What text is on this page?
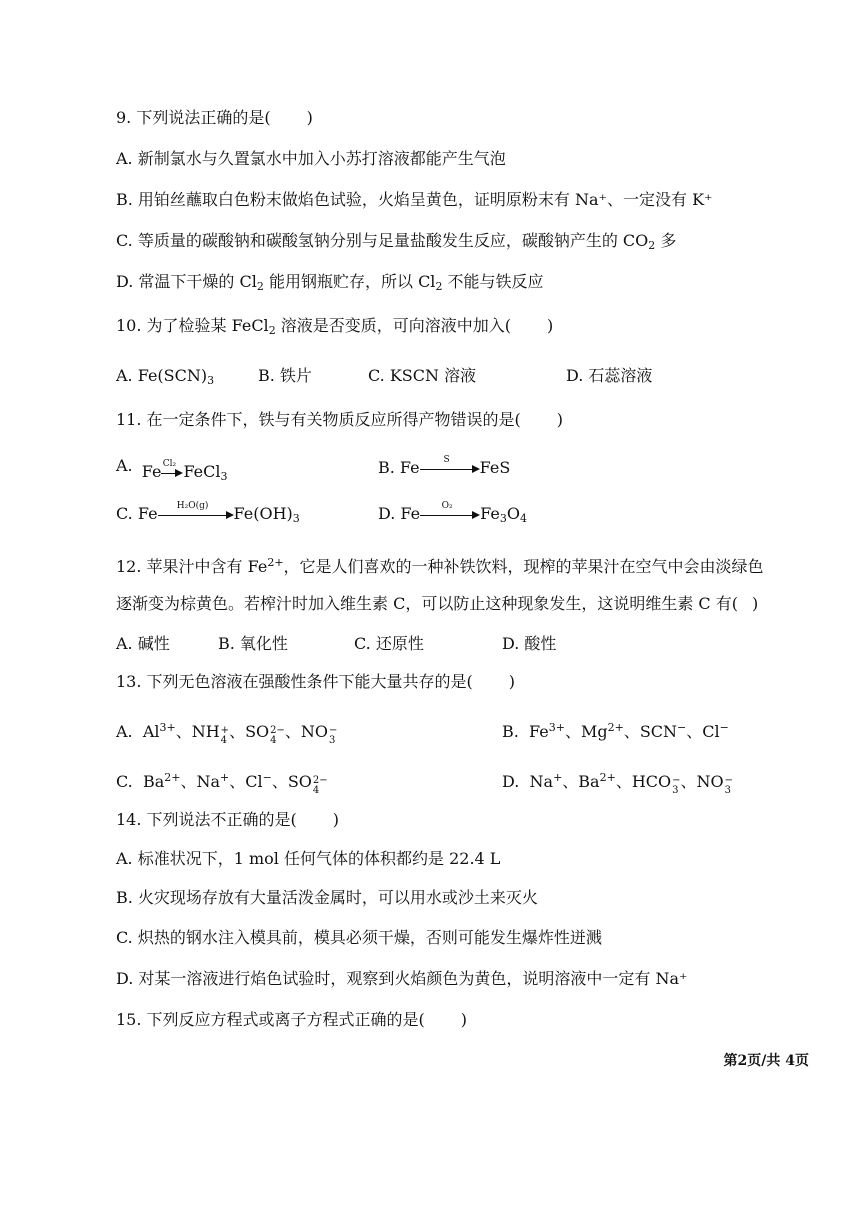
9. 下列说法正确的是( )
A. 新制氯水与久置氯水中加入小苏打溶液都能产生气泡
B. 用铂丝蘸取白色粉末做焰色试验，火焰呈黄色，证明原粉末有 Na⁺、一定没有 K⁺
C. 等质量的碳酸钠和碳酸氢钠分别与足量盐酸发生反应，碳酸钠产生的 $CO_2$ 多
D. 常温下干燥的 $Cl_2$ 能用钢瓶贮存，所以 $Cl_2$ 不能与铁反应
10. 为了检验某 FeCl$_2$ 溶液是否变质，可向溶液中加入( )
A. $Fe(SCN)_3$	B. 铁片	C. KSCN 溶液	D. 石蕊溶液
11. 在一定条件下，铁与有关物质反应所得产物错误的是( )
A. Fe Cl₂ FeCl$_3$	B. Fe	S	FeS
C. Fe	H₂O(g)	$Fe(OH)_3$	D. Fe	O₂	$Fe_3O_4$
12. 苹果汁中含有 $Fe^{2+}$，它是人们喜欢的一种补铁饮料，现榨的苹果汁在空气中会由淡绿色
逐渐变为棕黄色。若榨汁时加入维生素 C，可以防止这种现象发生，这说明维生素 C 有( )
A. 碱性	B. 氧化性	C. 还原性	D. 酸性
13. 下列无色溶液在强酸性条件下能大量共存的是( )
A. $Al^{3+}$、NH +
4 、SO 2−
4 、NO −
3	B. $Fe^{3+}$、$Mg^{2+}$、SCN−、Cl−
C. $Ba^{2+}$、Na+、Cl−、SO 2−
4	D. Na+、$Ba^{2+}$、HCO −
3 、NO −
3
14. 下列说法不正确的是( )
A. 标准状况下，1 mol 任何气体的体积都约是 22.4 L
B. 火灾现场存放有大量活泼金属时，可以用水或沙土来灭火
C. 炽热的钢水注入模具前，模具必须干燥，否则可能发生爆炸性迸溅
D. 对某一溶液进行焰色试验时，观察到火焰颜色为黄色，说明溶液中一定有 Na⁺
15. 下列反应方程式或离子方程式正确的是( )
第2页/共 4页
